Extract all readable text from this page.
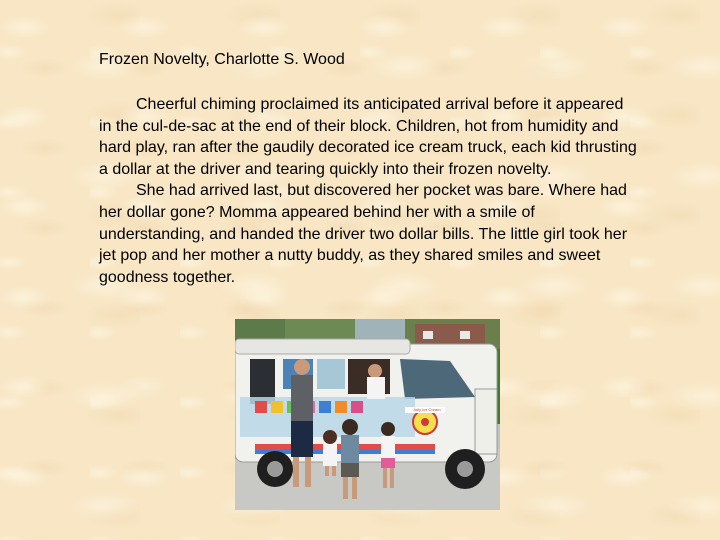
Frozen Novelty, Charlotte S. Wood

Cheerful chiming proclaimed its anticipated arrival before it appeared in the cul-de-sac at the end of their block. Children, hot from humidity and hard play, ran after the gaudily decorated ice cream truck, each kid thrusting a dollar at the driver and tearing quickly into their frozen novelty.

She had arrived last, but discovered her pocket was bare. Where had her dollar gone? Momma appeared behind her with a smile of understanding, and handed the driver two dollar bills. The little girl took her jet pop and her mother a nutty buddy, as they shared smiles and sweet goodness together.

Jolly Ice Cream
